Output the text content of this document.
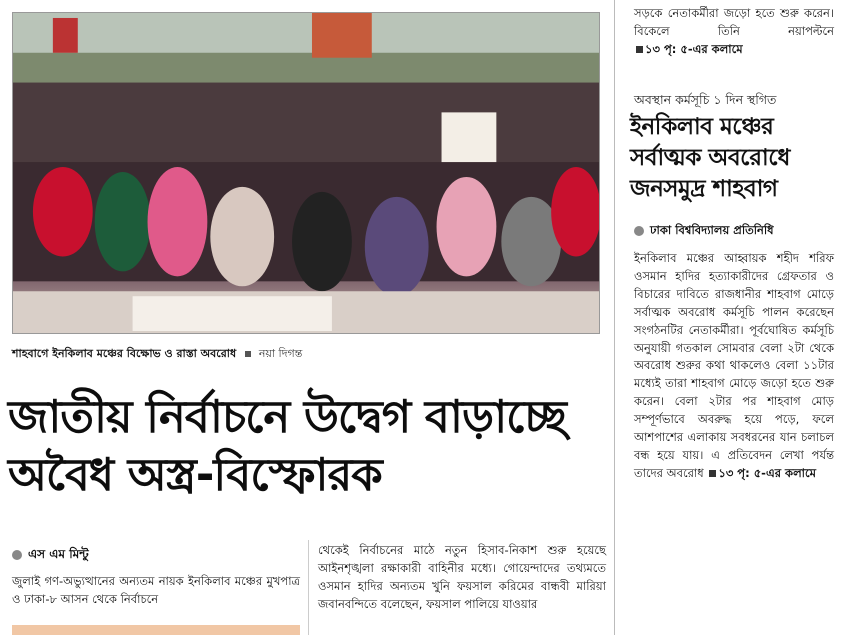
শাহবাগে ইনকিলাব মঞ্চের বিক্ষোভ ও রাস্তা অবরোধ নয়া দিগন্ত
জাতীয় নির্বাচনে উদ্বেগ বাড়াচ্ছে
অবৈধ অস্ত্র-বিস্ফোরক
এস এম মিন্টু
জুলাই গণ-অভ্যুত্থানের অন্যতম নায়ক ইনকিলাব মঞ্চের মুখপাত্র ও ঢাকা-৮ আসন থেকে নির্বাচনে
থেকেই নির্বাচনের মাঠে নতুন হিসাব-নিকাশ শুরু হয়েছে আইনশৃঙ্খলা রক্ষাকারী বাহিনীর মধ্যে। গোয়েন্দাদের তথ্যমতে ওসমান হাদির অন্যতম খুনি ফয়সাল করিমের বান্ধবী মারিয়া জবানবন্দিতে বলেছেন, ফয়সাল পালিয়ে যাওয়ার
সড়কে নেতাকর্মীরা জড়ো হতে শুরু করেন। বিকেলে তিনি নয়াপল্টনে ১৩ পৃ: ৫-এর কলামে
অবস্থান কর্মসূচি ১ দিন স্থগিত
ইনকিলাব মঞ্চের
সর্বাত্মক অবরোধে
জনসমুদ্র শাহবাগ
ঢাকা বিশ্ববিদ্যালয় প্রতিনিধি
ইনকিলাব মঞ্চের আহ্বায়ক শহীদ শরিফ ওসমান হাদির হত্যাকারীদের গ্রেফতার ও বিচারের দাবিতে রাজধানীর শাহবাগ মোড়ে সর্বাত্মক অবরোধ কর্মসূচি পালন করেছেন সংগঠনটির নেতাকর্মীরা। পূর্বঘোষিত কর্মসূচি অনুযায়ী গতকাল সোমবার বেলা ২টা থেকে অবরোধ শুরুর কথা থাকলেও বেলা ১১টার মধ্যেই তারা শাহবাগ মোড়ে জড়ো হতে শুরু করেন। বেলা ২টার পর শাহবাগ মোড় সম্পূর্ণভাবে অবরুদ্ধ হয়ে পড়ে, ফলে আশপাশের এলাকায় সবধরনের যান চলাচল বন্ধ হয়ে যায়। এ প্রতিবেদন লেখা পর্যন্ত তাদের অবরোধ ১৩ পৃ: ৫-এর কলামে
